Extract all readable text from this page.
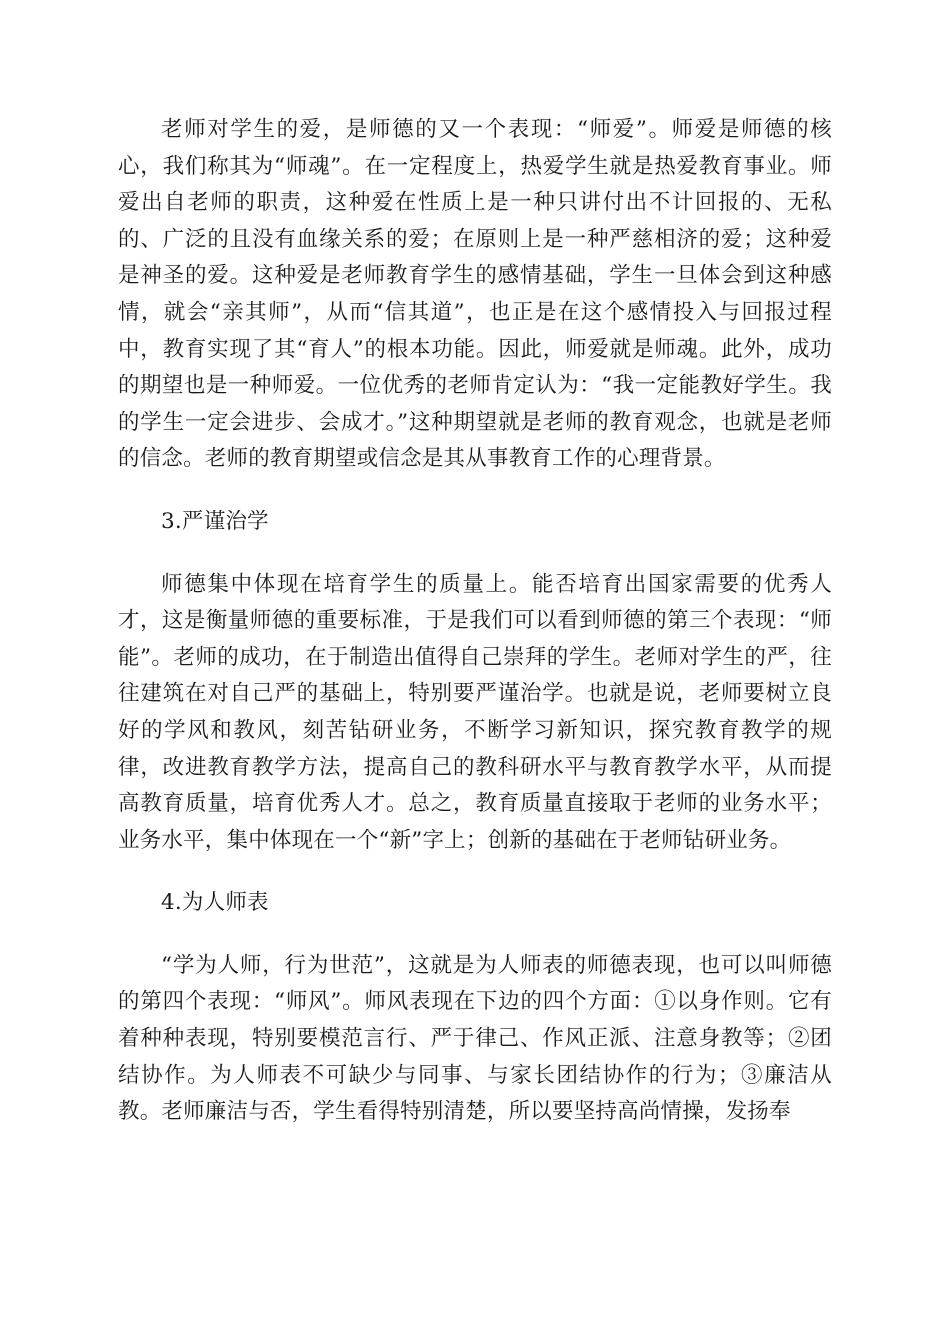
老师对学生的爱，是师德的又一个表现：“师爱”。师爱是师德的核心，我们称其为“师魂”。在一定程度上，热爱学生就是热爱教育事业。师爱出自老师的职责，这种爱在性质上是一种只讲付出不计回报的、无私的、广泛的且没有血缘关系的爱；在原则上是一种严慈相济的爱；这种爱是神圣的爱。这种爱是老师教育学生的感情基础，学生一旦体会到这种感情，就会“亲其师”，从而“信其道”，也正是在这个感情投入与回报过程中，教育实现了其“育人”的根本功能。因此，师爱就是师魂。此外，成功的期望也是一种师爱。一位优秀的老师肯定认为：“我一定能教好学生。我的学生一定会进步、会成才。”这种期望就是老师的教育观念，也就是老师的信念。老师的教育期望或信念是其从事教育工作的心理背景。

3.严谨治学

师德集中体现在培育学生的质量上。能否培育出国家需要的优秀人才，这是衡量师德的重要标准，于是我们可以看到师德的第三个表现：“师能”。老师的成功，在于制造出值得自己崇拜的学生。老师对学生的严，往往建筑在对自己严的基础上，特别要严谨治学。也就是说，老师要树立良好的学风和教风，刻苦钻研业务，不断学习新知识，探究教育教学的规律，改进教育教学方法，提高自己的教科研水平与教育教学水平，从而提高教育质量，培育优秀人才。总之，教育质量直接取于老师的业务水平；业务水平，集中体现在一个“新”字上；创新的基础在于老师钻研业务。

4.为人师表

“学为人师，行为世范”，这就是为人师表的师德表现，也可以叫师德的第四个表现：“师风”。师风表现在下边的四个方面：①以身作则。它有着种种表现，特别要模范言行、严于律己、作风正派、注意身教等；②团结协作。为人师表不可缺少与同事、与家长团结协作的行为；③廉洁从教。老师廉洁与否，学生看得特别清楚，所以要坚持高尚情操，发扬奉
